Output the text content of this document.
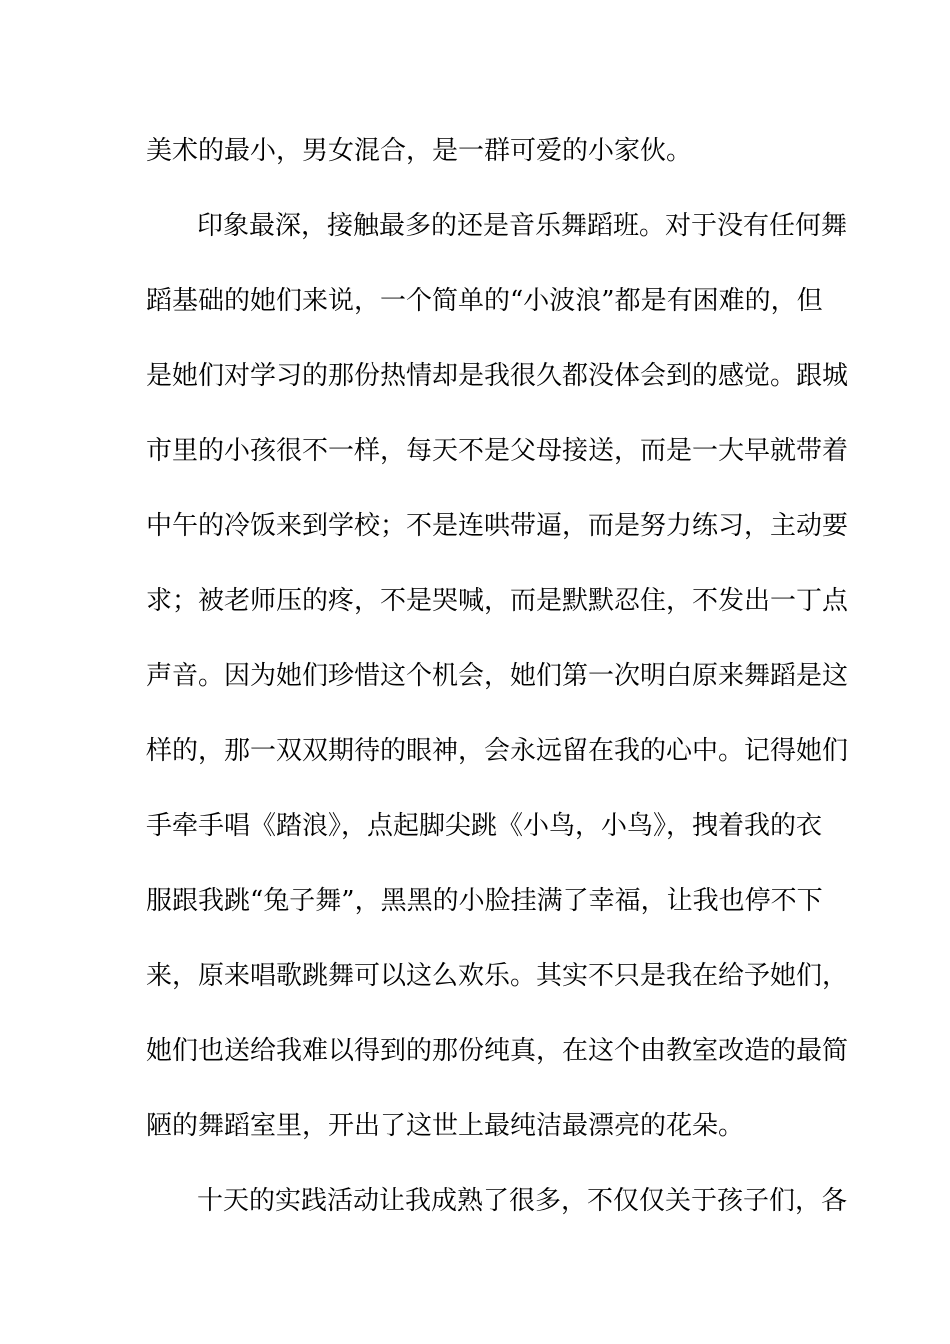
美术的最小，男女混合，是一群可爱的小家伙。
印象最深，接触最多的还是音乐舞蹈班。对于没有任何舞
蹈基础的她们来说，一个简单的“小波浪”都是有困难的，但
是她们对学习的那份热情却是我很久都没体会到的感觉。跟城
市里的小孩很不一样，每天不是父母接送，而是一大早就带着
中午的冷饭来到学校；不是连哄带逼，而是努力练习，主动要
求；被老师压的疼，不是哭喊，而是默默忍住，不发出一丁点
声音。因为她们珍惜这个机会，她们第一次明白原来舞蹈是这
样的，那一双双期待的眼神，会永远留在我的心中。记得她们
手牵手唱《踏浪》，点起脚尖跳《小鸟，小鸟》，拽着我的衣
服跟我跳“兔子舞”，黑黑的小脸挂满了幸福，让我也停不下
来，原来唱歌跳舞可以这么欢乐。其实不只是我在给予她们，
她们也送给我难以得到的那份纯真，在这个由教室改造的最简
陋的舞蹈室里，开出了这世上最纯洁最漂亮的花朵。
十天的实践活动让我成熟了很多，不仅仅关于孩子们，各
